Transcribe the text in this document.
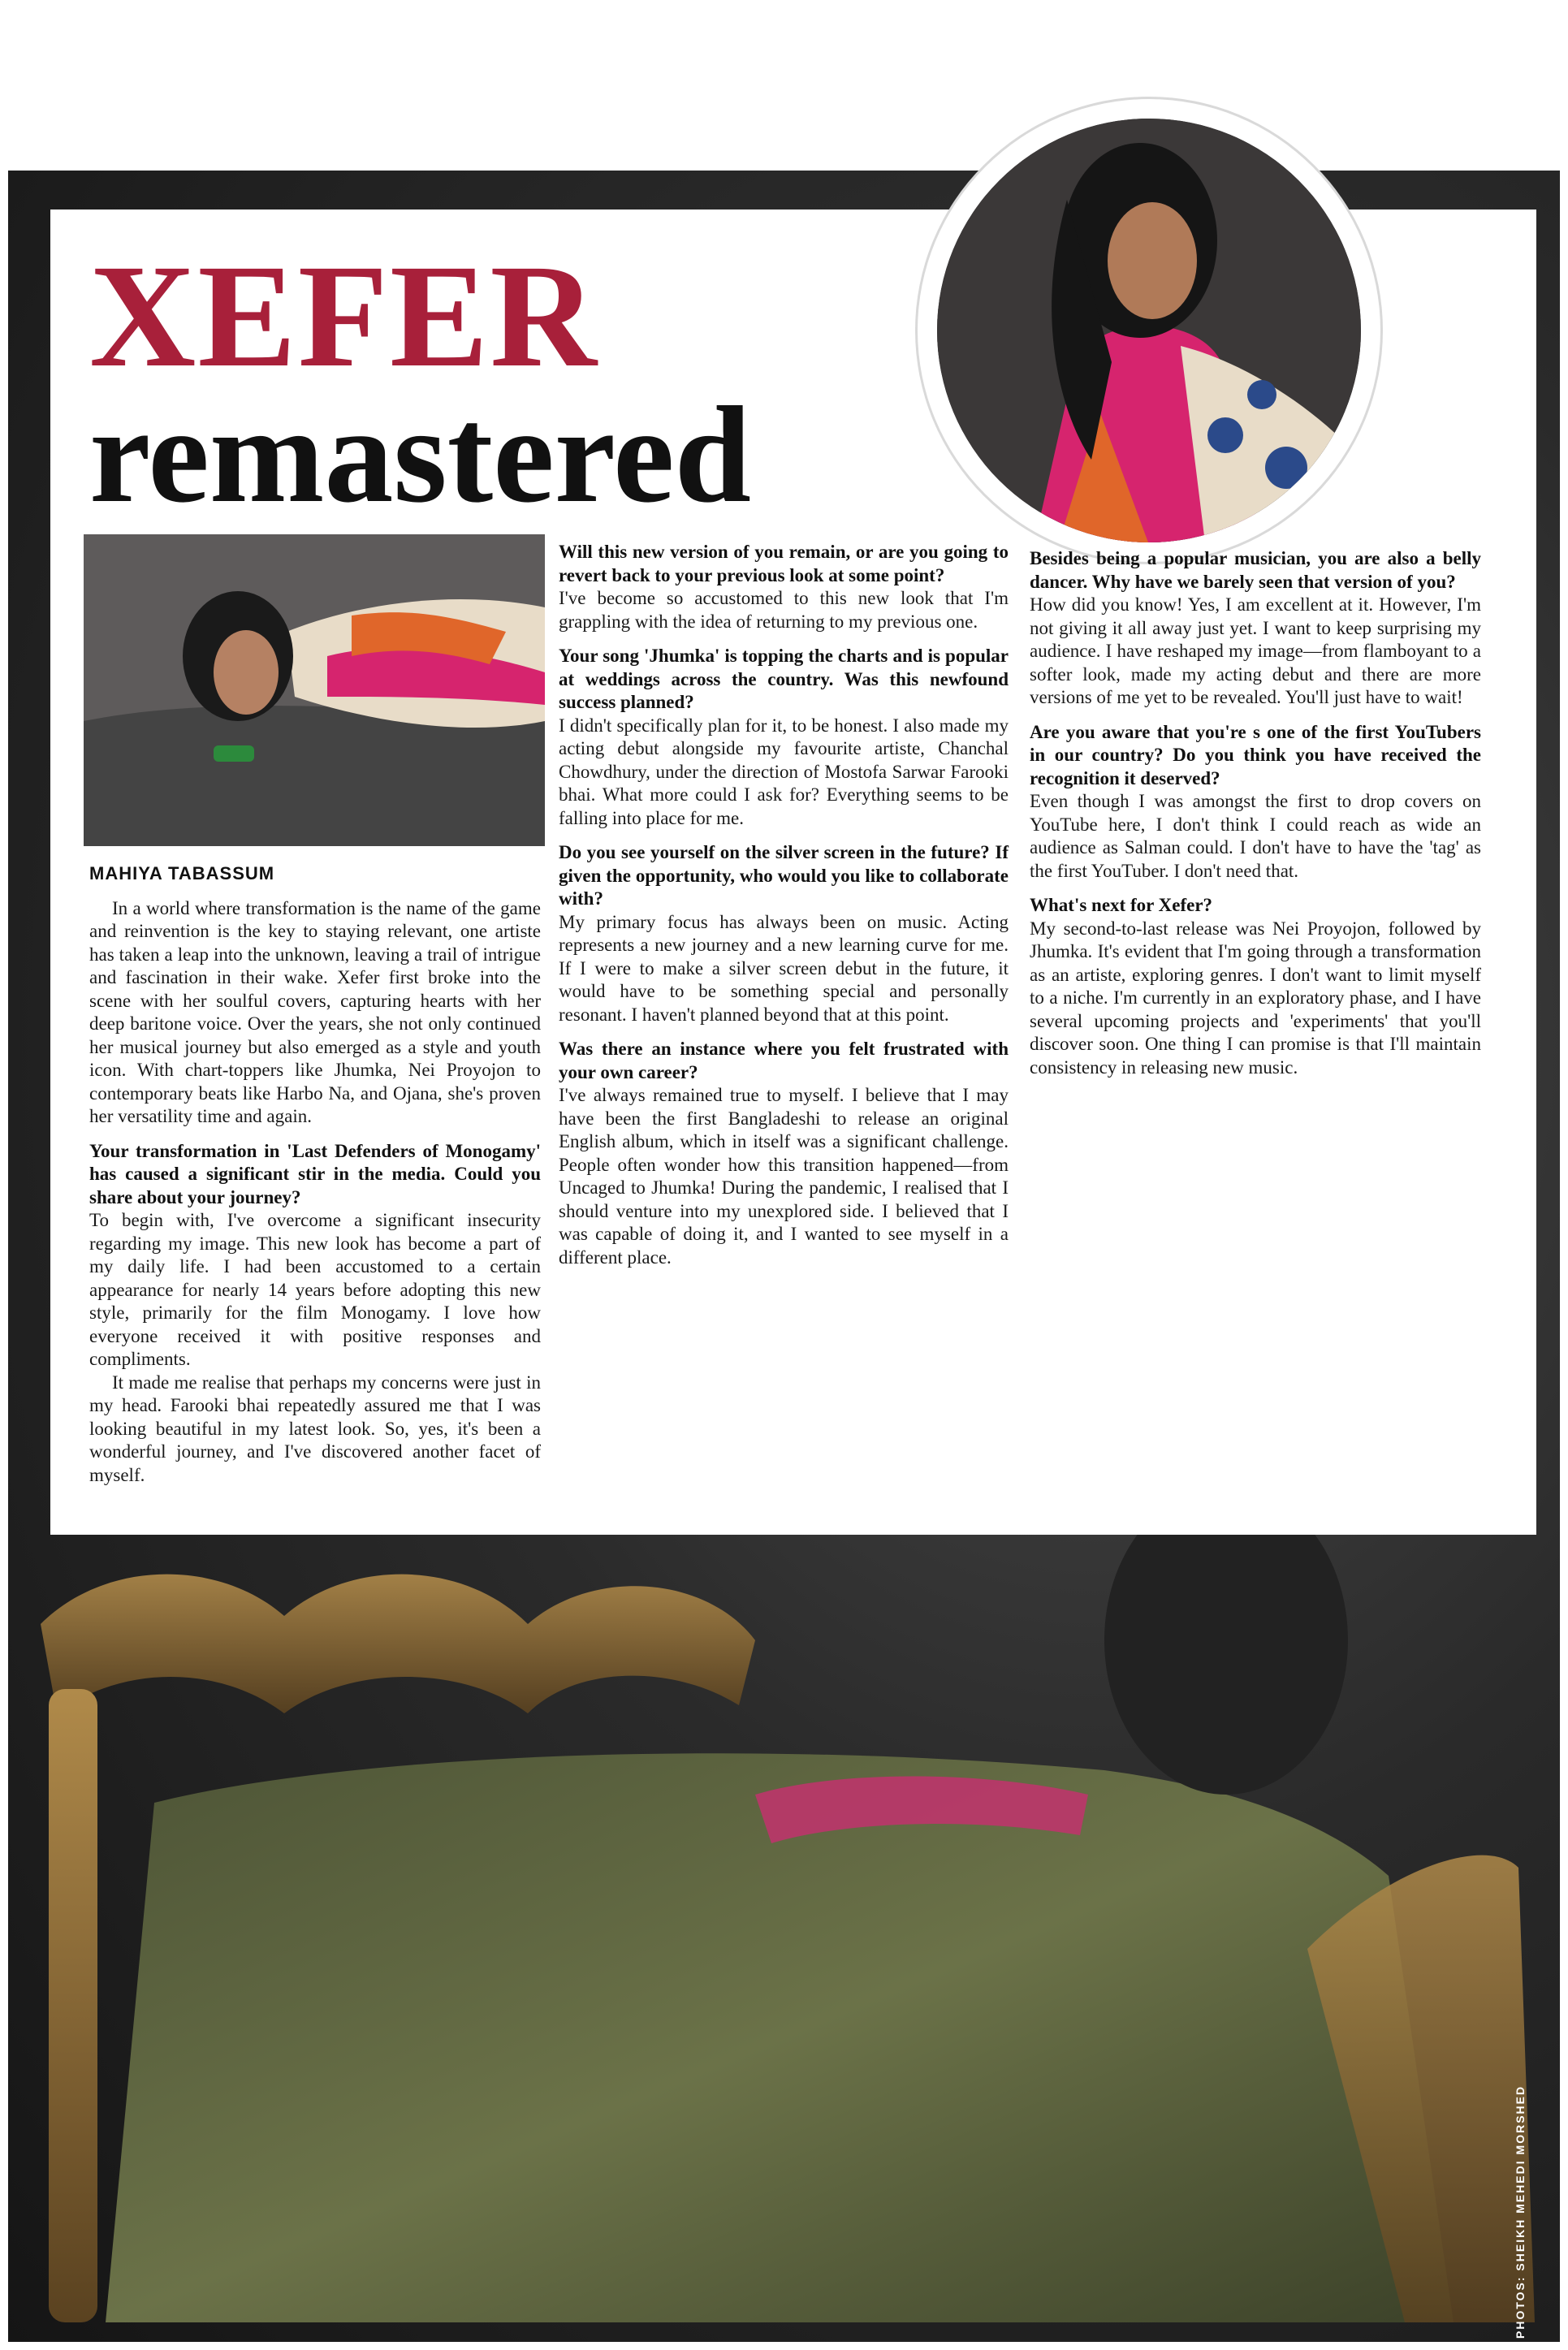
XEFER
remastered

MAHIYA TABASSUM

In a world where transformation is the name of the game and reinvention is the key to staying relevant, one artiste has taken a leap into the unknown, leaving a trail of intrigue and fascination in their wake. Xefer first broke into the scene with her soulful covers, capturing hearts with her deep baritone voice. Over the years, she not only continued her musical journey but also emerged as a style and youth icon. With chart-toppers like Jhumka, Nei Proyojon to contemporary beats like Harbo Na, and Ojana, she's proven her versatility time and again.

Your transformation in 'Last Defenders of Monogamy' has caused a significant stir in the media. Could you share about your journey?

To begin with, I've overcome a significant insecurity regarding my image. This new look has become a part of my daily life. I had been accustomed to a certain appearance for nearly 14 years before adopting this new style, primarily for the film Monogamy. I love how everyone received it with positive responses and compliments.

It made me realise that perhaps my concerns were just in my head. Farooki bhai repeatedly assured me that I was looking beautiful in my latest look. So, yes, it's been a wonderful journey, and I've discovered another facet of myself.

Will this new version of you remain, or are you going to revert back to your previous look at some point?

I've become so accustomed to this new look that I'm grappling with the idea of returning to my previous one.

Your song 'Jhumka' is topping the charts and is popular at weddings across the country. Was this newfound success planned?

I didn't specifically plan for it, to be honest. I also made my acting debut alongside my favourite artiste, Chanchal Chowdhury, under the direction of Mostofa Sarwar Farooki bhai. What more could I ask for? Everything seems to be falling into place for me.

Do you see yourself on the silver screen in the future? If given the opportunity, who would you like to collaborate with?

My primary focus has always been on music. Acting represents a new journey and a new learning curve for me. If I were to make a silver screen debut in the future, it would have to be something special and personally resonant. I haven't planned beyond that at this point.

Was there an instance where you felt frustrated with your own career?

I've always remained true to myself. I believe that I may have been the first Bangladeshi to release an original English album, which in itself was a significant challenge. People often wonder how this transition happened—from Uncaged to Jhumka! During the pandemic, I realised that I should venture into my unexplored side. I believed that I was capable of doing it, and I wanted to see myself in a different place.

Besides being a popular musician, you are also a belly dancer. Why have we barely seen that version of you?

How did you know! Yes, I am excellent at it. However, I'm not giving it all away just yet. I want to keep surprising my audience. I have reshaped my image—from flamboyant to a softer look, made my acting debut and there are more versions of me yet to be revealed. You'll just have to wait!

Are you aware that you're s one of the first YouTubers in our country? Do you think you have received the recognition it deserved?

Even though I was amongst the first to drop covers on YouTube here, I don't think I could reach as wide an audience as Salman could. I don't have to have the 'tag' as the first YouTuber. I don't need that.

What's next for Xefer?

My second-to-last release was Nei Proyojon, followed by Jhumka. It's evident that I'm going through a transformation as an artiste, exploring genres. I don't want to limit myself to a niche. I'm currently in an exploratory phase, and I have several upcoming projects and 'experiments' that you'll discover soon. One thing I can promise is that I'll maintain consistency in releasing new music.

PHOTOS: SHEIKH MEHEDI MORSHED
